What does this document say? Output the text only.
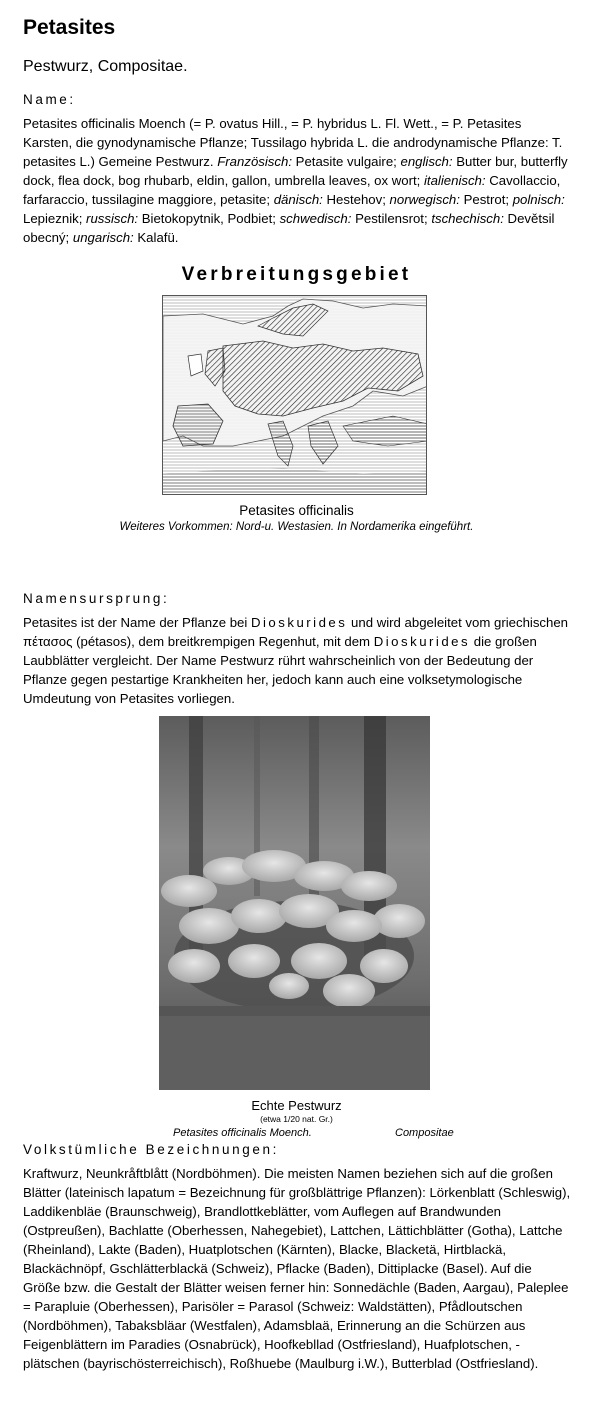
Petasites
Pestwurz, Compositae.
Name:
Petasites officinalis Moench (= P. ovatus Hill., = P. hybridus L. Fl. Wett., = P. Petasites Karsten, die gynodynamische Pflanze; Tussilago hybrida L. die androdynamische Pflanze: T. petasites L.) Gemeine Pestwurz. Französisch: Petasite vulgaire; englisch: Butter bur, butterfly dock, flea dock, bog rhubarb, eldin, gallon, umbrella leaves, ox wort; italienisch: Cavollaccio, farfaraccio, tussilagine maggiore, petasite; dänisch: Hestehov; norwegisch: Pestrot; polnisch: Lepieznik; russisch: Bietokopytnik, Podbiet; schwedisch: Pestilensrot; tschechisch: Devětsil obecný; ungarisch: Kalafü.
Verbreitungsgebiet
Petasites officinalis
Weiteres Vorkommen: Nord-u. Westasien. In Nordamerika eingeführt.
Namensursprung:
Petasites ist der Name der Pflanze bei Dioskurides und wird abgeleitet vom griechischen πέτασος (pétasos), dem breitkrempigen Regenhut, mit dem Dioskurides die großen Laubblätter vergleicht. Der Name Pestwurz rührt wahrscheinlich von der Bedeutung der Pflanze gegen pestartige Krankheiten her, jedoch kann auch eine volksetymologische Umdeutung von Petasites vorliegen.
Echte Pestwurz
(etwa 1/20 nat. Gr.)
Petasites officinalis Moench.	Compositae
Volkstümliche Bezeichnungen:
Kraftwurz, Neunkråftblått (Nordböhmen). Die meisten Namen beziehen sich auf die großen Blätter (lateinisch lapatum = Bezeichnung für großblättrige Pflanzen): Lörkenblatt (Schleswig), Laddikenbläe (Braunschweig), Brandlottkeblätter, vom Auflegen auf Brandwunden (Ostpreußen), Bachlatte (Oberhessen, Nahegebiet), Lattchen, Lättichblätter (Gotha), Lattche (Rheinland), Lakte (Baden), Huatplotschen (Kärnten), Blacke, Blacketä, Hirtblackä, Blackächnöpf, Gschlätterblackä (Schweiz), Pflacke (Baden), Dittiplacke (Basel). Auf die Größe bzw. die Gestalt der Blätter weisen ferner hin: Sonnedächle (Baden, Aargau), Paleplee = Parapluie (Oberhessen), Parisöler = Parasol (Schweiz: Waldstätten), Pfådloutschen (Nordböhmen), Tabaksbläar (Westfalen), Adamsblaä, Erinnerung an die Schürzen aus Feigenblättern im Paradies (Osnabrück), Hoofkebllad (Ostfriesland), Huafplotschen, -plätschen (bayrischösterreichisch), Roßhuebe (Maulburg i.W.), Butterblad (Ostfriesland).
